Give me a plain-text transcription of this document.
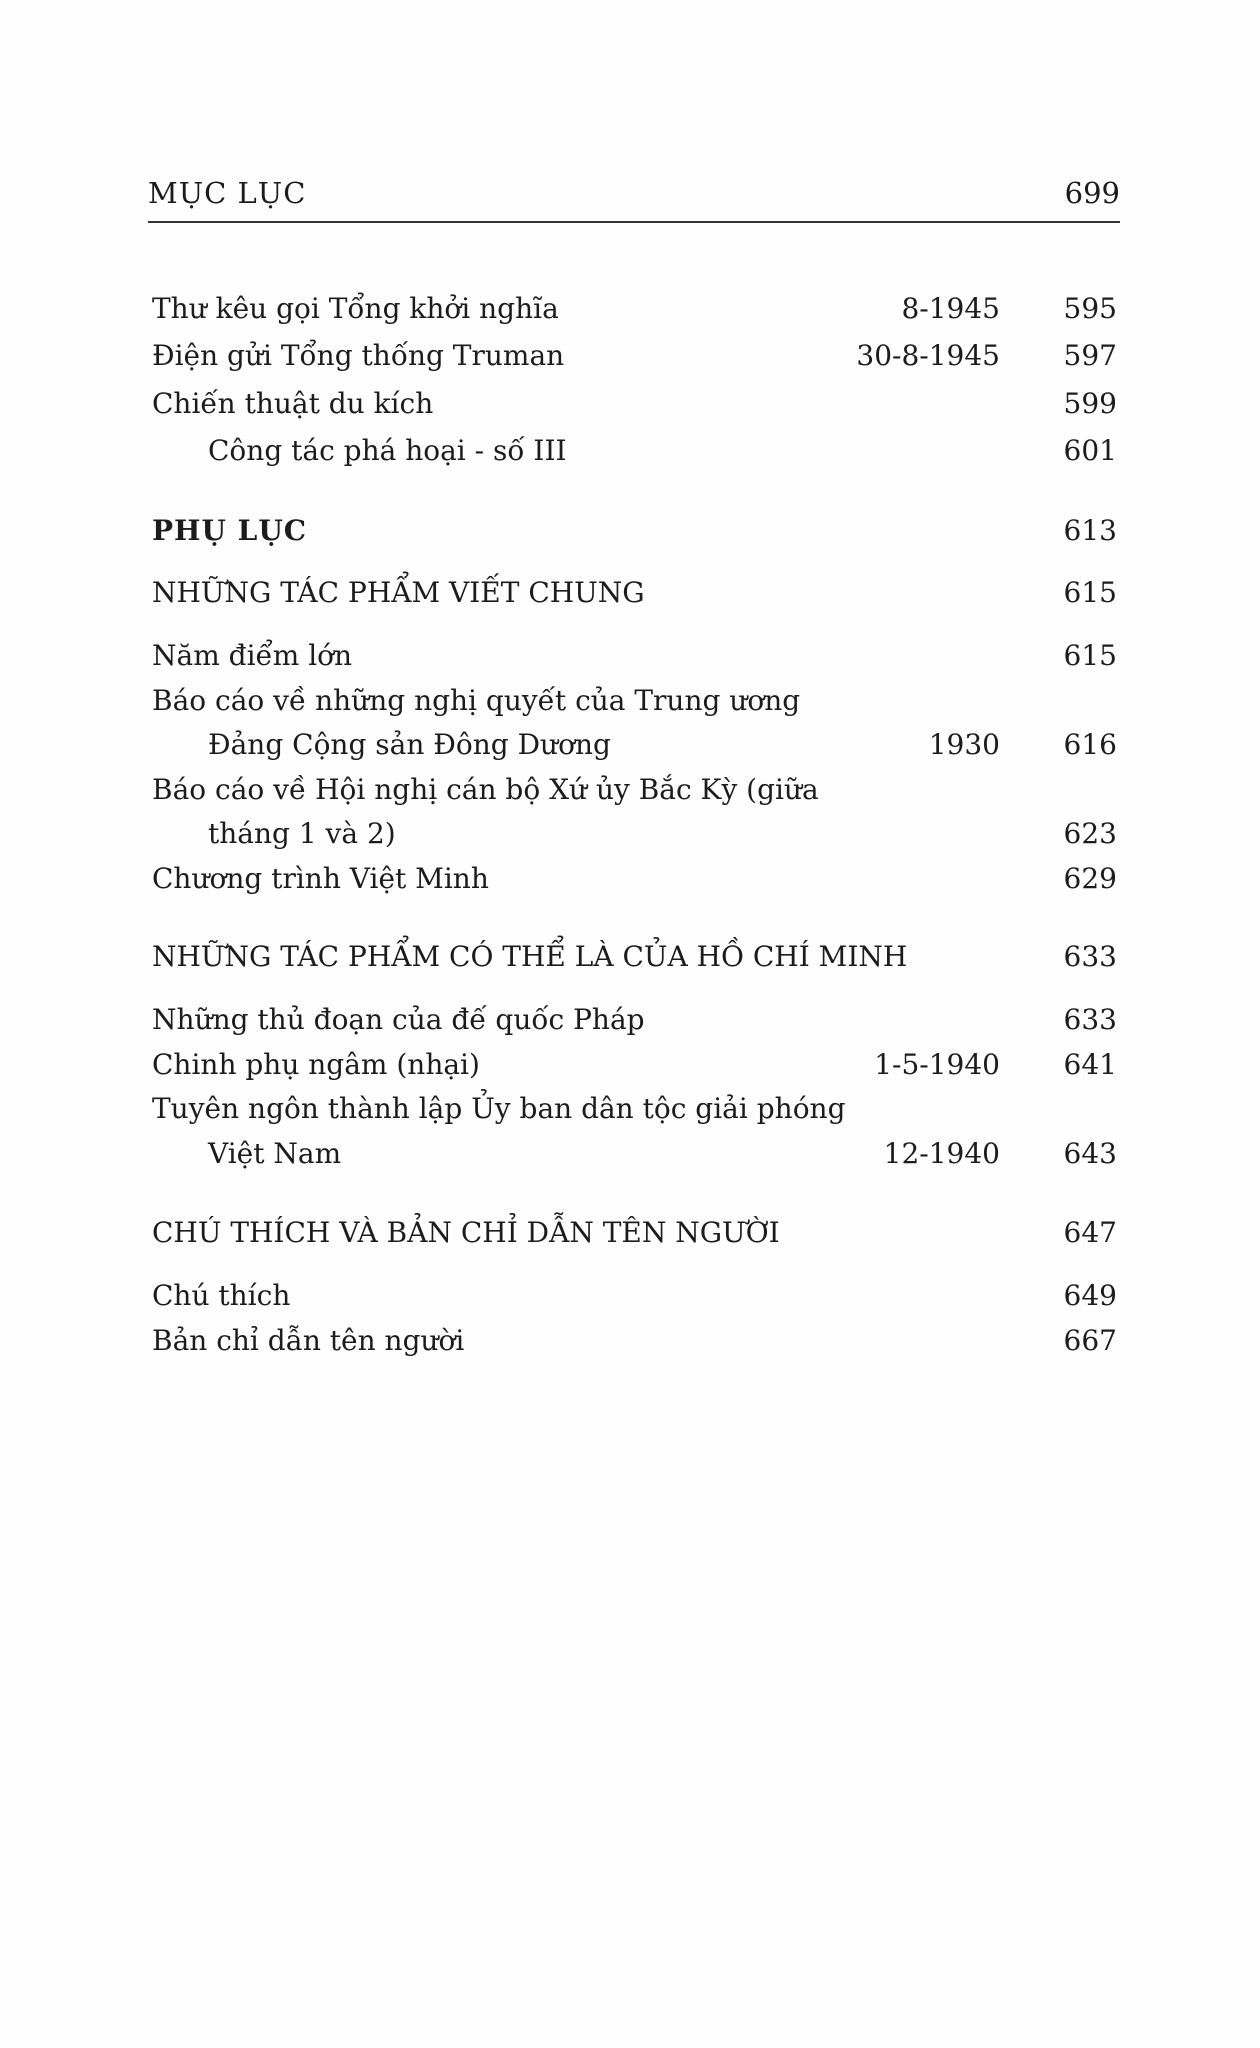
MỤC LỤC	699
Thư kêu gọi Tổng khởi nghĩa	8-1945 595
Điện gửi Tổng thống Truman	30-8-1945 597
Chiến thuật du kích	599
Công tác phá hoại - số III	601
PHỤ LỤC	613
NHỮNG TÁC PHẨM VIẾT CHUNG	615
Năm điểm lớn	615
Báo cáo về những nghị quyết của Trung ương
Đảng Cộng sản Đông Dương	1930 616
Báo cáo về Hội nghị cán bộ Xứ ủy Bắc Kỳ (giữa
tháng 1 và 2)	623
Chương trình Việt Minh	629
NHỮNG TÁC PHẨM CÓ THỂ LÀ CỦA HỒ CHÍ MINH	633
Những thủ đoạn của đế quốc Pháp	633
Chinh phụ ngâm (nhại)	1-5-1940 641
Tuyên ngôn thành lập Ủy ban dân tộc giải phóng
Việt Nam	12-1940 643
CHÚ THÍCH VÀ BẢN CHỈ DẪN TÊN NGƯỜI	647
Chú thích	649
Bản chỉ dẫn tên người	667
